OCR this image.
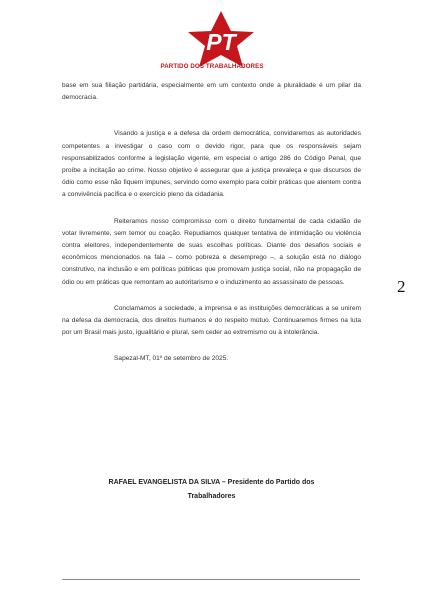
PT
PARTIDO DOS TRABALHADORES

base em sua filiação partidária, especialmente em um contexto onde a pluralidade é um pilar da democracia.

Visando a justiça e a defesa da ordem democrática, convidaremos as autoridades competentes a investigar o caso com o devido rigor, para que os responsáveis sejam responsabilizados conforme a legislação vigente, em especial o artigo 286 do Código Penal, que proíbe a incitação ao crime. Nosso objetivo é assegurar que a justiça prevaleça e que discursos de ódio como esse não fiquem impunes, servindo como exemplo para coibir práticas que atentem contra a convivência pacífica e o exercício pleno da cidadania.

Reiteramos nosso compromisso com o direito fundamental de cada cidadão de votar livremente, sem temor ou coação. Repudiamos qualquer tentativa de intimidação ou violência contra eleitores, independentemente de suas escolhas políticas. Diante dos desafios sociais e econômicos mencionados na fala – como pobreza e desemprego –, a solução está no diálogo construtivo, na inclusão e em políticas públicas que promovam justiça social, não na propagação de ódio ou em práticas que remontam ao autoritarismo e o induzimento ao assassinato de pessoas.

Conclamamos a sociedade, a imprensa e as instituições democráticas a se unirem na defesa da democracia, dos direitos humanos e do respeito mútuo. Continuaremos firmes na luta por um Brasil mais justo, igualitário e plural, sem ceder ao extremismo ou à intolerância.

Sapezal-MT, 01º de setembro de 2025.

RAFAEL EVANGELISTA DA SILVA – Presidente do Partido dos
Trabalhadores
2
